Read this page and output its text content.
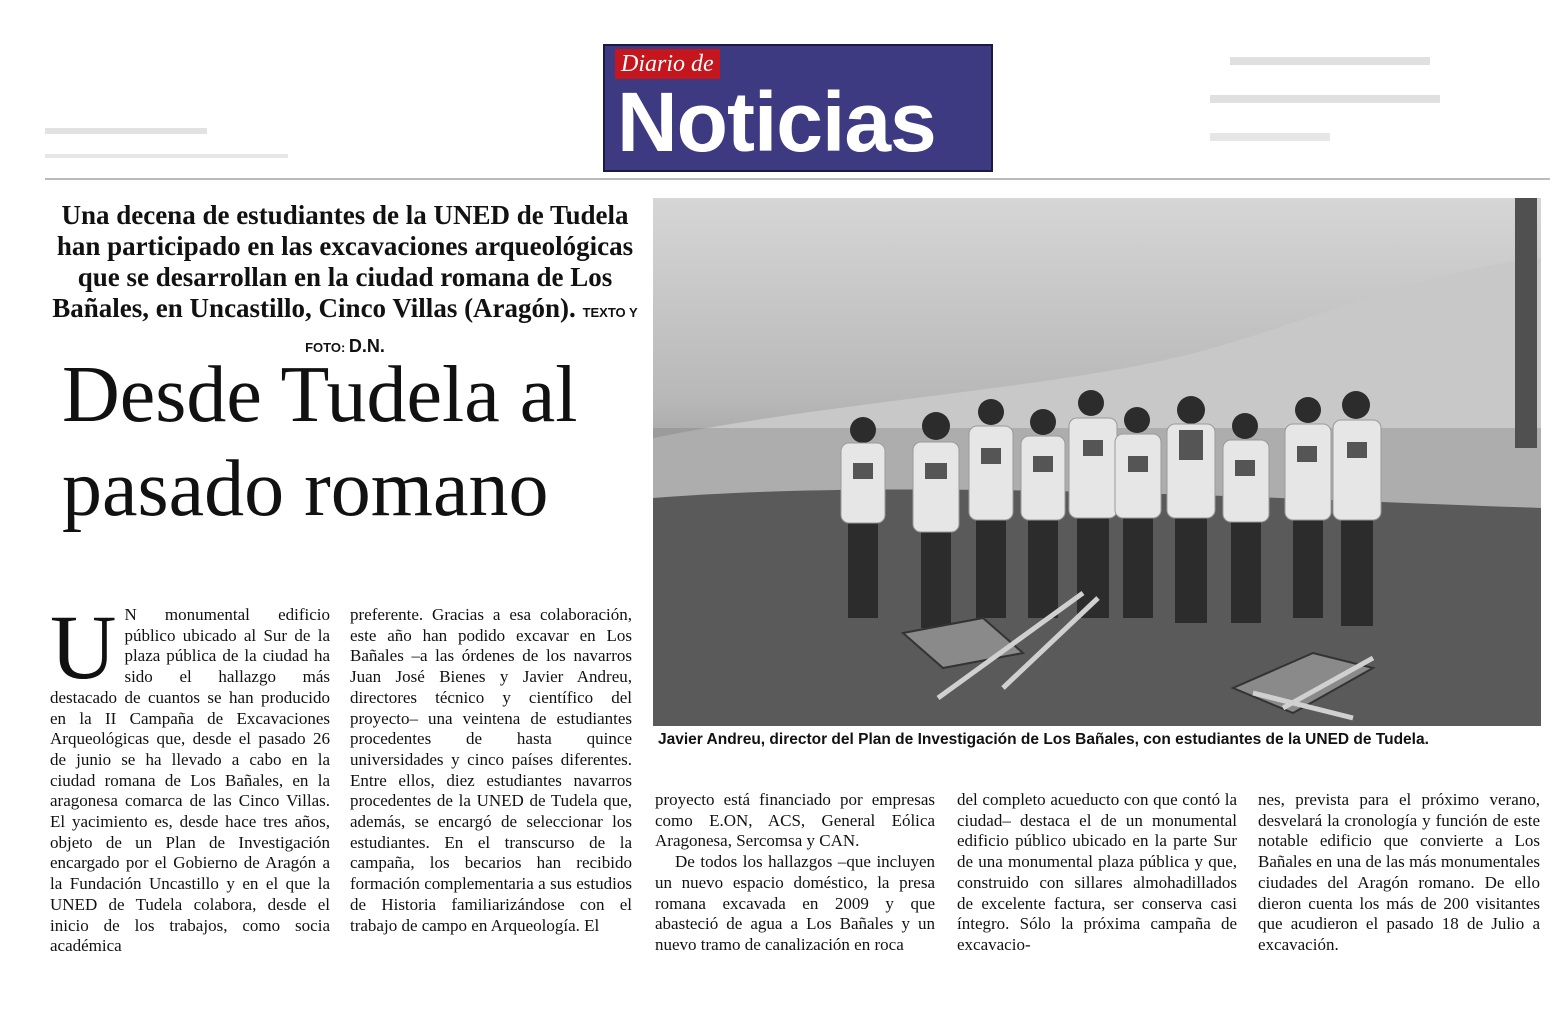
Diario de
Noticias
Una decena de estudiantes de la UNED de Tudela han participado en las excavaciones arqueológicas que se desarrollan en la ciudad romana de Los Bañales, en Uncastillo, Cinco Villas (Aragón). TEXTO Y FOTO: D.N.
Desde Tudela al pasado romano
U N monumental edificio público ubicado al Sur de la plaza pública de la ciudad ha sido el hallazgo más destacado de cuantos se han producido en la II Campaña de Excavaciones Arqueológicas que, desde el pasado 26 de junio se ha llevado a cabo en la ciudad romana de Los Bañales, en la aragonesa comarca de las Cinco Villas. El yacimiento es, desde hace tres años, objeto de un Plan de Investigación encargado por el Gobierno de Aragón a la Fundación Uncastillo y en el que la UNED de Tudela colabora, desde el inicio de los trabajos, como socia académica
preferente. Gracias a esa colaboración, este año han podido excavar en Los Bañales –a las órdenes de los navarros Juan José Bienes y Javier Andreu, directores técnico y científico del proyecto– una veintena de estudiantes procedentes de hasta quince universidades y cinco países diferentes. Entre ellos, diez estudiantes navarros procedentes de la UNED de Tudela que, además, se encargó de seleccionar los estudiantes. En el transcurso de la campaña, los becarios han recibido formación complementaria a sus estudios de Historia familiarizándose con el trabajo de campo en Arqueología. El

proyecto está financiado por empresas como E.ON, ACS, General Eólica Aragonesa, Sercomsa y CAN.

De todos los hallazgos –que incluyen un nuevo espacio doméstico, la presa romana excavada en 2009 y que abasteció de agua a Los Bañales y un nuevo tramo de canalización en roca

del completo acueducto con que contó la ciudad– destaca el de un monumental edificio público ubicado en la parte Sur de una monumental plaza pública y que, construido con sillares almohadillados de excelente factura, ser conserva casi íntegro. Sólo la próxima campaña de excavacio-
nes, prevista para el próximo verano, desvelará la cronología y función de este notable edificio que convierte a Los Bañales en una de las más monumentales ciudades del Aragón romano. De ello dieron cuenta los más de 200 visitantes que acudieron el pasado 18 de Julio a excavación.
Javier Andreu, director del Plan de Investigación de Los Bañales, con estudiantes de la UNED de Tudela.
